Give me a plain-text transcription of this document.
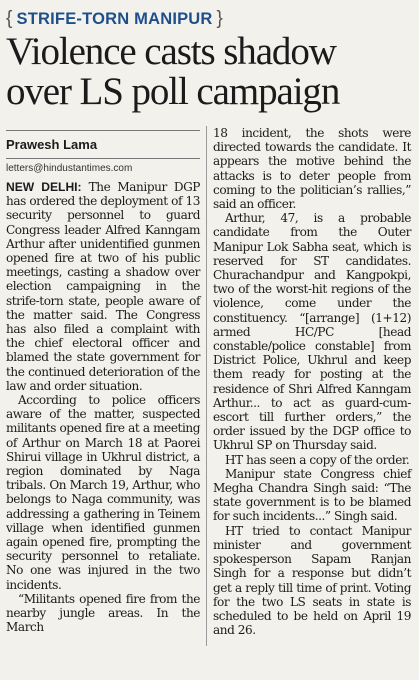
{ STRIFE-TORN MANIPUR }
Violence casts shadow
over LS poll campaign
Prawesh Lama
letters@hindustantimes.com

NEW DELHI: The Manipur DGP has ordered the deployment of 13 security personnel to guard Congress leader Alfred Kanngam Arthur after unidentified gunmen opened fire at two of his public meetings, casting a shadow over election campaigning in the strife-torn state, people aware of the matter said. The Congress has also filed a complaint with the chief electoral officer and blamed the state government for the continued deterioration of the law and order situation.

According to police officers aware of the matter, suspected militants opened fire at a meeting of Arthur on March 18 at Paorei Shirui village in Ukhrul district, a region dominated by Naga tribals. On March 19, Arthur, who belongs to Naga community, was addressing a gathering in Teinem village when identified gunmen again opened fire, prompting the security personnel to retaliate. No one was injured in the two incidents.

“Militants opened fire from the nearby jungle areas. In the March

18 incident, the shots were directed towards the candidate. It appears the motive behind the attacks is to deter people from coming to the politician’s rallies,” said an officer.

Arthur, 47, is a probable candidate from the Outer Manipur Lok Sabha seat, which is reserved for ST candidates. Churachandpur and Kangpokpi, two of the worst-hit regions of the violence, come under the constituency. “[arrange] (1+12) armed HC/PC [head constable/police constable] from District Police, Ukhrul and keep them ready for posting at the residence of Shri Alfred Kanngam Arthur... to act as guard-cum-escort till further orders,” the order issued by the DGP office to Ukhrul SP on Thursday said.

HT has seen a copy of the order.

Manipur state Congress chief Megha Chandra Singh said: “The state government is to be blamed for such incidents...” Singh said.

HT tried to contact Manipur minister and government spokesperson Sapam Ranjan Singh for a response but didn’t get a reply till time of print. Voting for the two LS seats in state is scheduled to be held on April 19 and 26.
